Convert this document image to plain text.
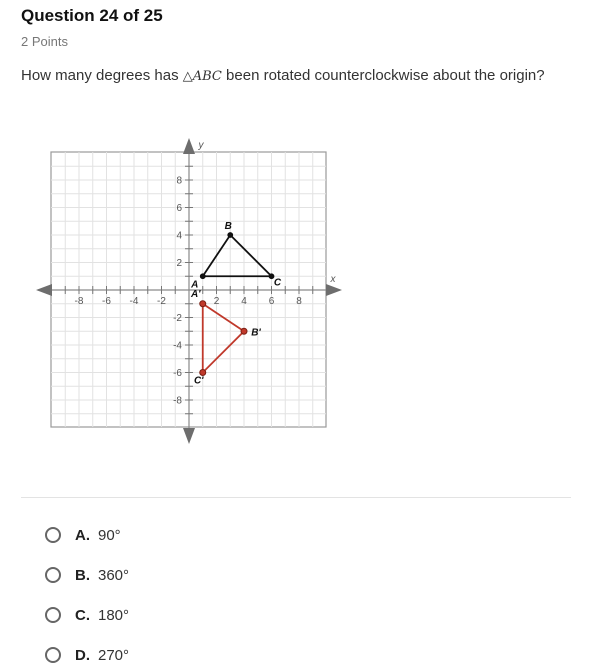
Question 24 of 25
2 Points
How many degrees has △ABC been rotated counterclockwise about the origin?
-8 -6 -4 -2	2 4 6 8
8
6
4
2
-2
-4
-6
-8
x
y
A
B
C
A'
B'
C'
A. 90°
B. 360°
C. 180°
D. 270°
